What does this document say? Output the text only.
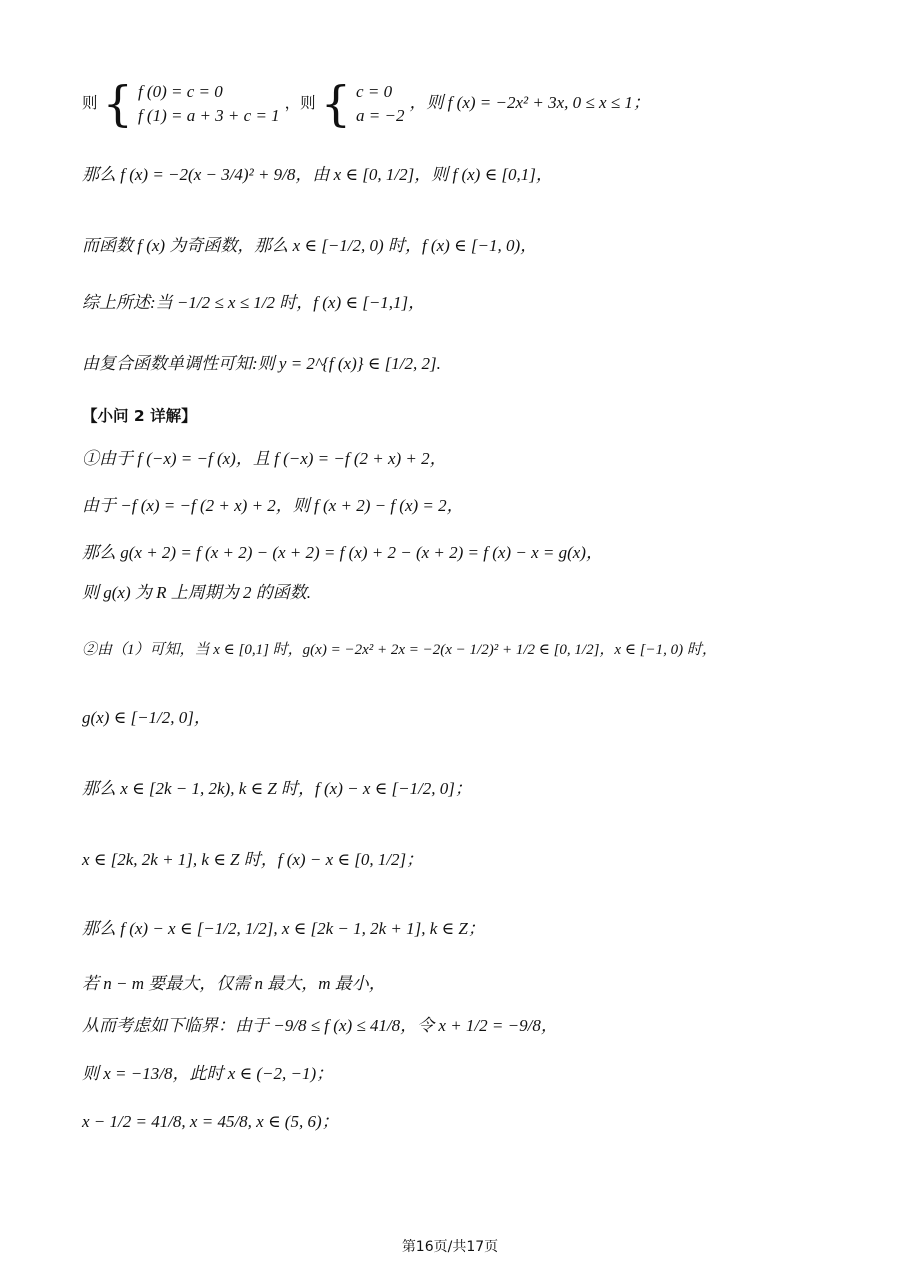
则 { f (0) = c = 0
f (1) = a + 3 + c = 1
，则 { c = 0
a = −2
，则 f (x) = −2x² + 3x, 0 ≤ x ≤ 1；
那么 f (x) = −2(x − 3/4)² + 9/8，由 x ∈ [0, 1/2]，则 f (x) ∈ [0,1]，
而函数 f (x) 为奇函数，那么 x ∈ [−1/2, 0) 时，f (x) ∈ [−1, 0)，
综上所述:当 −1/2 ≤ x ≤ 1/2 时，f (x) ∈ [−1,1]，
由复合函数单调性可知:则 y = 2^{f (x)} ∈ [1/2, 2].
【小问 2 详解】
①由于 f (−x) = −f (x)，且 f (−x) = −f (2 + x) + 2，
由于 −f (x) = −f (2 + x) + 2，则 f (x + 2) − f (x) = 2，
那么 g(x + 2) = f (x + 2) − (x + 2) = f (x) + 2 − (x + 2) = f (x) − x = g(x)，
则 g(x) 为 R 上周期为 2 的函数.
②由（1）可知，当 x ∈ [0,1] 时，g(x) = −2x² + 2x = −2(x − 1/2)² + 1/2 ∈ [0, 1/2]，x ∈ [−1, 0) 时，
g(x) ∈ [−1/2, 0]，
那么 x ∈ [2k − 1, 2k), k ∈ Z 时，f (x) − x ∈ [−1/2, 0]；
x ∈ [2k, 2k + 1], k ∈ Z 时，f (x) − x ∈ [0, 1/2]；
那么 f (x) − x ∈ [−1/2, 1/2], x ∈ [2k − 1, 2k + 1], k ∈ Z；
若 n − m 要最大，仅需 n 最大，m 最小，
从而考虑如下临界：由于 −9/8 ≤ f (x) ≤ 41/8，令 x + 1/2 = −9/8，
则 x = −13/8，此时 x ∈ (−2, −1)；
x − 1/2 = 41/8, x = 45/8, x ∈ (5, 6)；
第16页/共17页
